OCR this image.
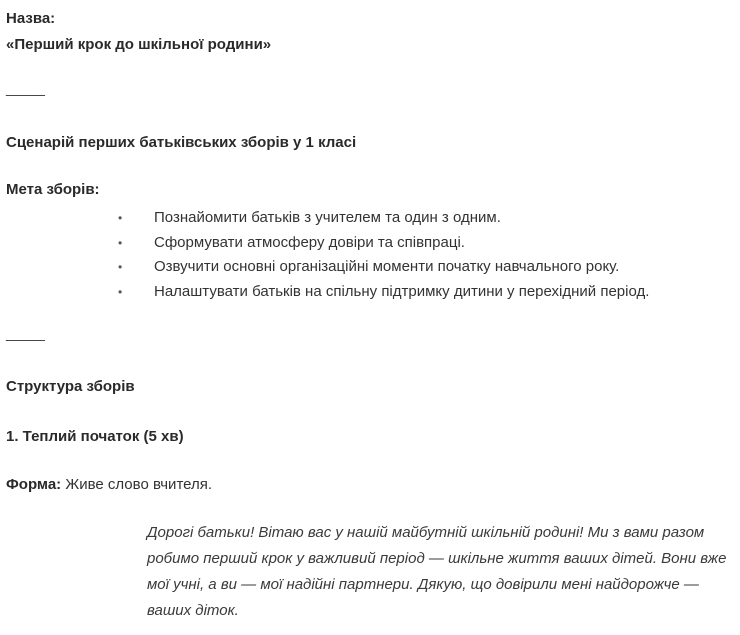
Назва:

«Перший крок до шкільної родини»

_____

Сценарій перших батьківських зборів у 1 класі

Мета зборів:

• Познайомити батьків з учителем та один з одним.
• Сформувати атмосферу довіри та співпраці.
• Озвучити основні організаційні моменти початку навчального року.
• Налаштувати батьків на спільну підтримку дитини у перехідний період.
_____

Структура зборів

1. Теплий початок (5 хв)

Форма: Живе слово вчителя.

Дорогі батьки! Вітаю вас у нашій майбутній шкільній родині! Ми з вами разом робимо перший крок у важливий період — шкільне життя ваших дітей. Вони вже мої учні, а ви — мої надійні партнери. Дякую, що довірили мені найдорожче — ваших діток.
